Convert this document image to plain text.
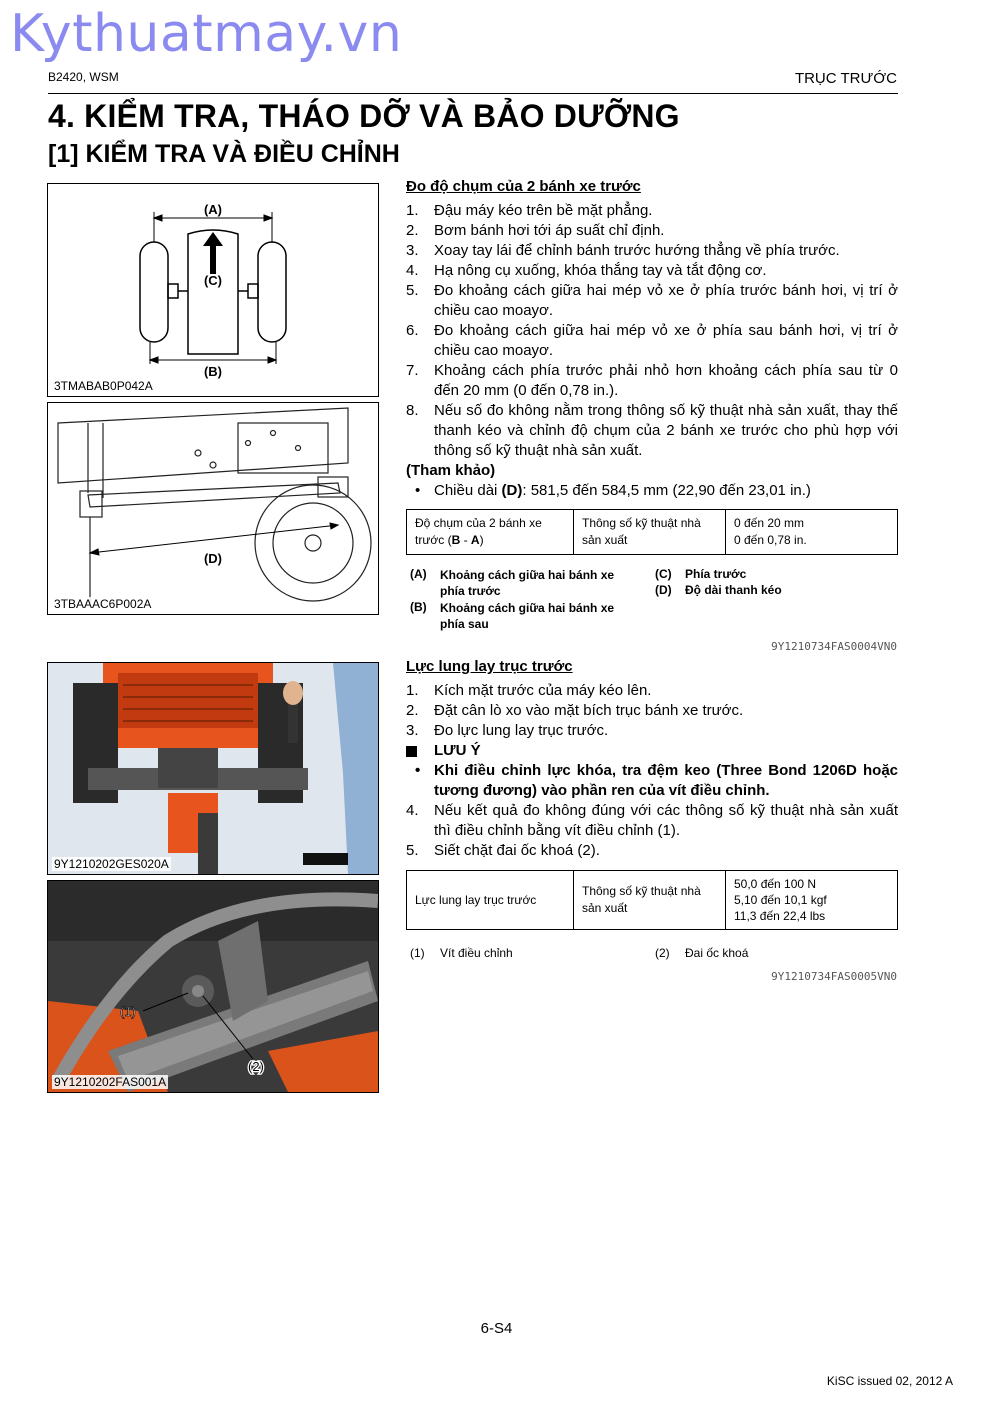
Kythuatmay.vn
B2420, WSM	TRỤC TRƯỚC
4. KIỂM TRA, THÁO DỠ VÀ BẢO DƯỠNG
[1] KIỂM TRA VÀ ĐIỀU CHỈNH
(A)
(C)
(B)
3TMABAB0P042A
(D)
3TBAAAC6P002A
9Y1210202GES020A
(1)
(2)
9Y1210202FAS001A
Đo độ chụm của 2 bánh xe trước
1. Đậu máy kéo trên bề mặt phẳng.
2. Bơm bánh hơi tới áp suất chỉ định.
3. Xoay tay lái để chỉnh bánh trước hướng thẳng về phía trước.
4. Hạ nông cụ xuống, khóa thắng tay và tắt động cơ.
5. Đo khoảng cách giữa hai mép vỏ xe ở phía trước bánh hơi, vị trí ở chiều cao moayơ.
6. Đo khoảng cách giữa hai mép vỏ xe ở phía sau bánh hơi, vị trí ở chiều cao moayơ.
7. Khoảng cách phía trước phải nhỏ hơn khoảng cách phía sau từ 0 đến 20 mm (0 đến 0,78 in.).
8. Nếu số đo không nằm trong thông số kỹ thuật nhà sản xuất, thay thế thanh kéo và chỉnh độ chụm của 2 bánh xe trước cho phù hợp với thông số kỹ thuật nhà sản xuất.
(Tham khảo)
• Chiều dài (D): 581,5 đến 584,5 mm (22,90 đến 23,01 in.)
Độ chụm của 2 bánh xe
trước (B - A)	Thông số kỹ thuật nhà sản xuất	0 đến 20 mm
0 đến 0,78 in.
(A) Khoảng cách giữa hai bánh xe phía trước
(B) Khoảng cách giữa hai bánh xe phía sau
(C) Phía trước
(D) Độ dài thanh kéo
9Y1210734FAS0004VN0
Lực lung lay trục trước
1. Kích mặt trước của máy kéo lên.
2. Đặt cân lò xo vào mặt bích trục bánh xe trước.
3. Đo lực lung lay trục trước.
LƯU Ý
• Khi điều chỉnh lực khóa, tra đệm keo (Three Bond 1206D hoặc tương đương) vào phần ren của vít điều chỉnh.
4. Nếu kết quả đo không đúng với các thông số kỹ thuật nhà sản xuất thì điều chỉnh bằng vít điều chỉnh (1).
5. Siết chặt đai ốc khoá (2).
Lực lung lay trục trước	Thông số kỹ thuật nhà sản xuất	50,0 đến 100 N
5,10 đến 10,1 kgf
11,3 đến 22,4 lbs
(1) Vít điều chỉnh	(2) Đai ốc khoá
9Y1210734FAS0005VN0
6-S4
KiSC issued 02, 2012 A
